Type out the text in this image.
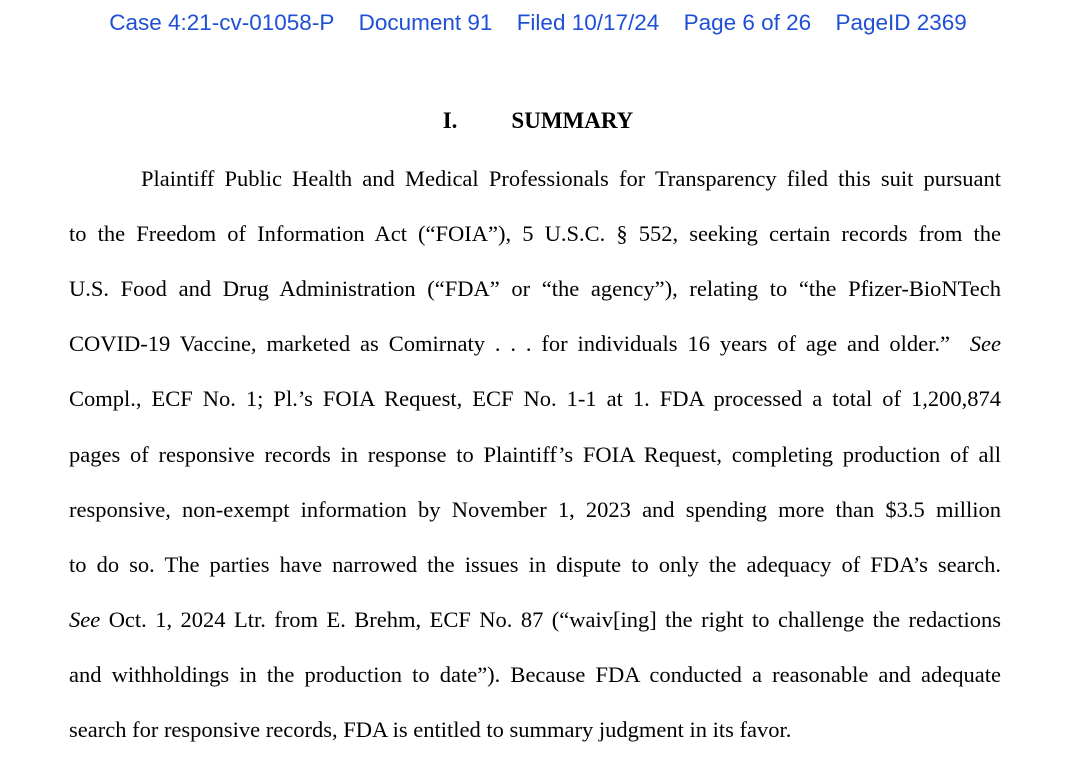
Case 4:21-cv-01058-P Document 91 Filed 10/17/24 Page 6 of 26 PageID 2369
I. SUMMARY
Plaintiff Public Health and Medical Professionals for Transparency filed this suit pursuant
to the Freedom of Information Act (“FOIA”), 5 U.S.C. § 552, seeking certain records from the
U.S. Food and Drug Administration (“FDA” or “the agency”), relating to “the Pfizer-BioNTech
COVID-19 Vaccine, marketed as Comirnaty . . . for individuals 16 years of age and older.” See
Compl., ECF No. 1; Pl.’s FOIA Request, ECF No. 1-1 at 1. FDA processed a total of 1,200,874
pages of responsive records in response to Plaintiff’s FOIA Request, completing production of all
responsive, non-exempt information by November 1, 2023 and spending more than $3.5 million
to do so. The parties have narrowed the issues in dispute to only the adequacy of FDA’s search.
See Oct. 1, 2024 Ltr. from E. Brehm, ECF No. 87 (“waiv[ing] the right to challenge the redactions
and withholdings in the production to date”). Because FDA conducted a reasonable and adequate
search for responsive records, FDA is entitled to summary judgment in its favor.
